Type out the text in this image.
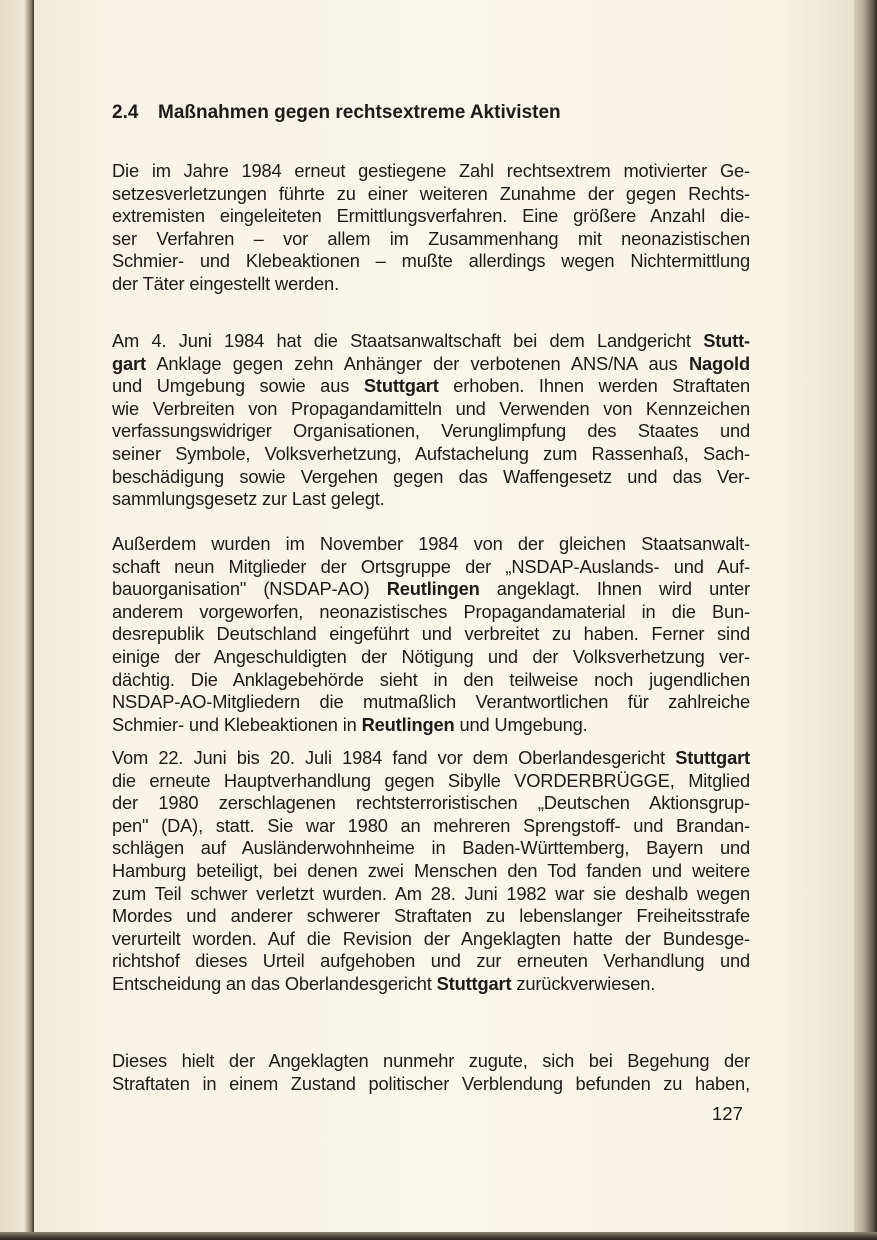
2.4 Maßnahmen gegen rechtsextreme Aktivisten
Die im Jahre 1984 erneut gestiegene Zahl rechtsextrem motivierter Ge-
setzesverletzungen führte zu einer weiteren Zunahme der gegen Rechts-
extremisten eingeleiteten Ermittlungsverfahren. Eine größere Anzahl die-
ser Verfahren – vor allem im Zusammenhang mit neonazistischen
Schmier- und Klebeaktionen – mußte allerdings wegen Nichtermittlung
der Täter eingestellt werden.
Am 4. Juni 1984 hat die Staatsanwaltschaft bei dem Landgericht Stutt-
gart Anklage gegen zehn Anhänger der verbotenen ANS/NA aus Nagold
und Umgebung sowie aus Stuttgart erhoben. Ihnen werden Straftaten
wie Verbreiten von Propagandamitteln und Verwenden von Kennzeichen
verfassungswidriger Organisationen, Verunglimpfung des Staates und
seiner Symbole, Volksverhetzung, Aufstachelung zum Rassenhaß, Sach-
beschädigung sowie Vergehen gegen das Waffengesetz und das Ver-
sammlungsgesetz zur Last gelegt.
Außerdem wurden im November 1984 von der gleichen Staatsanwalt-
schaft neun Mitglieder der Ortsgruppe der „NSDAP-Auslands- und Auf-
bauorganisation" (NSDAP-AO) Reutlingen angeklagt. Ihnen wird unter
anderem vorgeworfen, neonazistisches Propagandamaterial in die Bun-
desrepublik Deutschland eingeführt und verbreitet zu haben. Ferner sind
einige der Angeschuldigten der Nötigung und der Volksverhetzung ver-
dächtig. Die Anklagebehörde sieht in den teilweise noch jugendlichen
NSDAP-AO-Mitgliedern die mutmaßlich Verantwortlichen für zahlreiche
Schmier- und Klebeaktionen in Reutlingen und Umgebung.
Vom 22. Juni bis 20. Juli 1984 fand vor dem Oberlandesgericht Stuttgart
die erneute Hauptverhandlung gegen Sibylle VORDERBRÜGGE, Mitglied
der 1980 zerschlagenen rechtsterroristischen „Deutschen Aktionsgrup-
pen" (DA), statt. Sie war 1980 an mehreren Sprengstoff- und Brandan-
schlägen auf Ausländerwohnheime in Baden-Württemberg, Bayern und
Hamburg beteiligt, bei denen zwei Menschen den Tod fanden und weitere
zum Teil schwer verletzt wurden. Am 28. Juni 1982 war sie deshalb wegen
Mordes und anderer schwerer Straftaten zu lebenslanger Freiheitsstrafe
verurteilt worden. Auf die Revision der Angeklagten hatte der Bundesge-
richtshof dieses Urteil aufgehoben und zur erneuten Verhandlung und
Entscheidung an das Oberlandesgericht Stuttgart zurückverwiesen.
Dieses hielt der Angeklagten nunmehr zugute, sich bei Begehung der
Straftaten in einem Zustand politischer Verblendung befunden zu haben,
127
